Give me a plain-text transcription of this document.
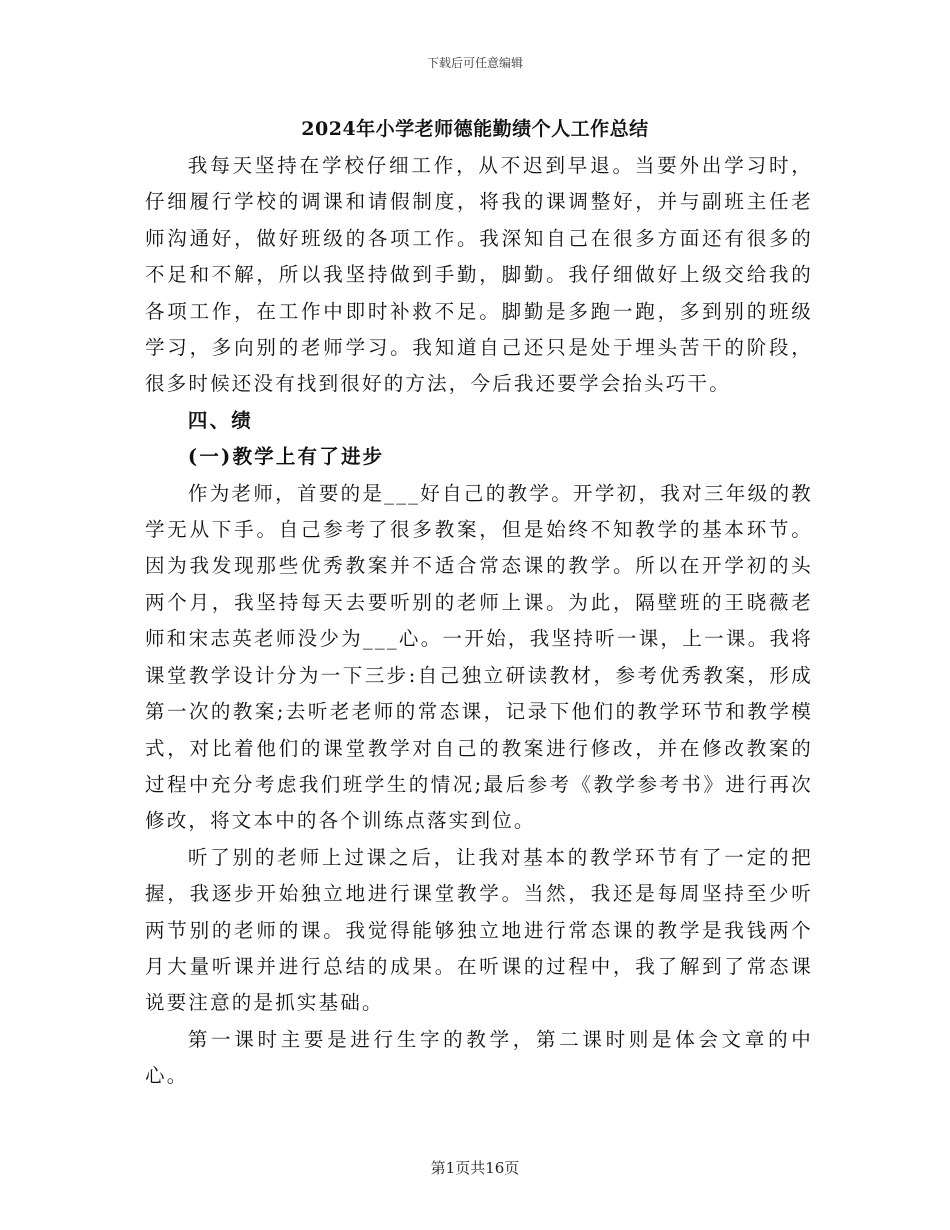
下载后可任意编辑
2024年小学老师德能勤绩个人工作总结

我每天坚持在学校仔细工作，从不迟到早退。当要外出学习时，仔细履行学校的调课和请假制度，将我的课调整好，并与副班主任老师沟通好，做好班级的各项工作。我深知自己在很多方面还有很多的不足和不解，所以我坚持做到手勤，脚勤。我仔细做好上级交给我的各项工作，在工作中即时补救不足。脚勤是多跑一跑，多到别的班级学习，多向别的老师学习。我知道自己还只是处于埋头苦干的阶段，很多时候还没有找到很好的方法，今后我还要学会抬头巧干。

四、绩

(一)教学上有了进步

作为老师，首要的是___好自己的教学。开学初，我对三年级的教学无从下手。自己参考了很多教案，但是始终不知教学的基本环节。因为我发现那些优秀教案并不适合常态课的教学。所以在开学初的头两个月，我坚持每天去要听别的老师上课。为此，隔壁班的王晓薇老师和宋志英老师没少为___心。一开始，我坚持听一课，上一课。我将课堂教学设计分为一下三步:自己独立研读教材，参考优秀教案，形成第一次的教案;去听老老师的常态课，记录下他们的教学环节和教学模式，对比着他们的课堂教学对自己的教案进行修改，并在修改教案的过程中充分考虑我们班学生的情况;最后参考《教学参考书》进行再次修改，将文本中的各个训练点落实到位。

听了别的老师上过课之后，让我对基本的教学环节有了一定的把握，我逐步开始独立地进行课堂教学。当然，我还是每周坚持至少听两节别的老师的课。我觉得能够独立地进行常态课的教学是我钱两个月大量听课并进行总结的成果。在听课的过程中，我了解到了常态课说要注意的是抓实基础。

第一课时主要是进行生字的教学，第二课时则是体会文章的中心。

第1页共16页
